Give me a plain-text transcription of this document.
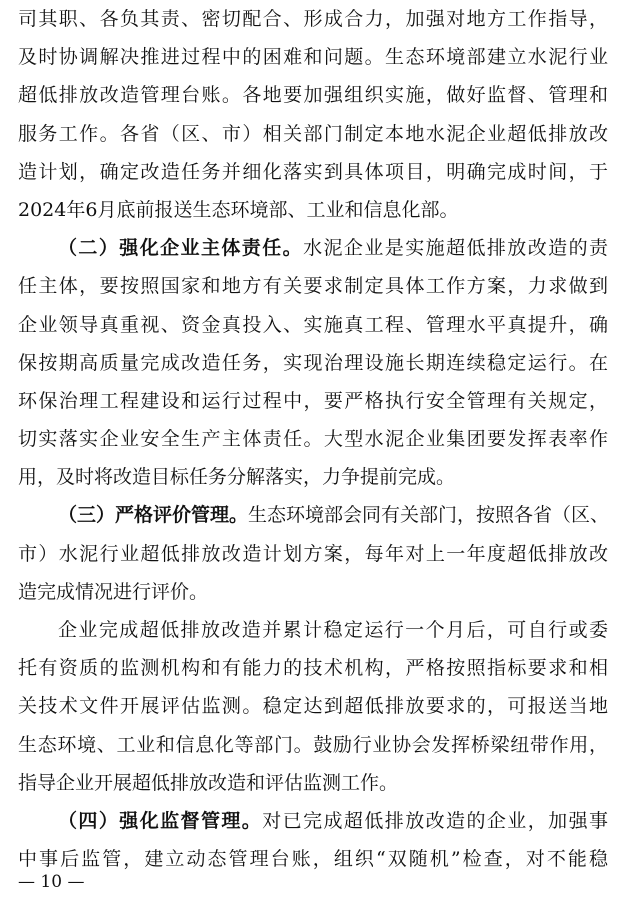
司其职、各负其责、密切配合、形成合力，加强对地方工作指导，
及时协调解决推进过程中的困难和问题。生态环境部建立水泥行业
超低排放改造管理台账。各地要加强组织实施，做好监督、管理和
服务工作。各省（区、市）相关部门制定本地水泥企业超低排放改
造计划，确定改造任务并细化落实到具体项目，明确完成时间，于
2024年6月底前报送生态环境部、工业和信息化部。
（二）强化企业主体责任。水泥企业是实施超低排放改造的责
任主体，要按照国家和地方有关要求制定具体工作方案，力求做到
企业领导真重视、资金真投入、实施真工程、管理水平真提升，确
保按期高质量完成改造任务，实现治理设施长期连续稳定运行。在
环保治理工程建设和运行过程中，要严格执行安全管理有关规定，
切实落实企业安全生产主体责任。大型水泥企业集团要发挥表率作
用，及时将改造目标任务分解落实，力争提前完成。
（三）严格评价管理。生态环境部会同有关部门，按照各省（区、
市）水泥行业超低排放改造计划方案，每年对上一年度超低排放改
造完成情况进行评价。
企业完成超低排放改造并累计稳定运行一个月后，可自行或委
托有资质的监测机构和有能力的技术机构，严格按照指标要求和相
关技术文件开展评估监测。稳定达到超低排放要求的，可报送当地
生态环境、工业和信息化等部门。鼓励行业协会发挥桥梁纽带作用，
指导企业开展超低排放改造和评估监测工作。
（四）强化监督管理。对已完成超低排放改造的企业，加强事
中事后监管，建立动态管理台账，组织“双随机”检查，对不能稳
— 10 —
